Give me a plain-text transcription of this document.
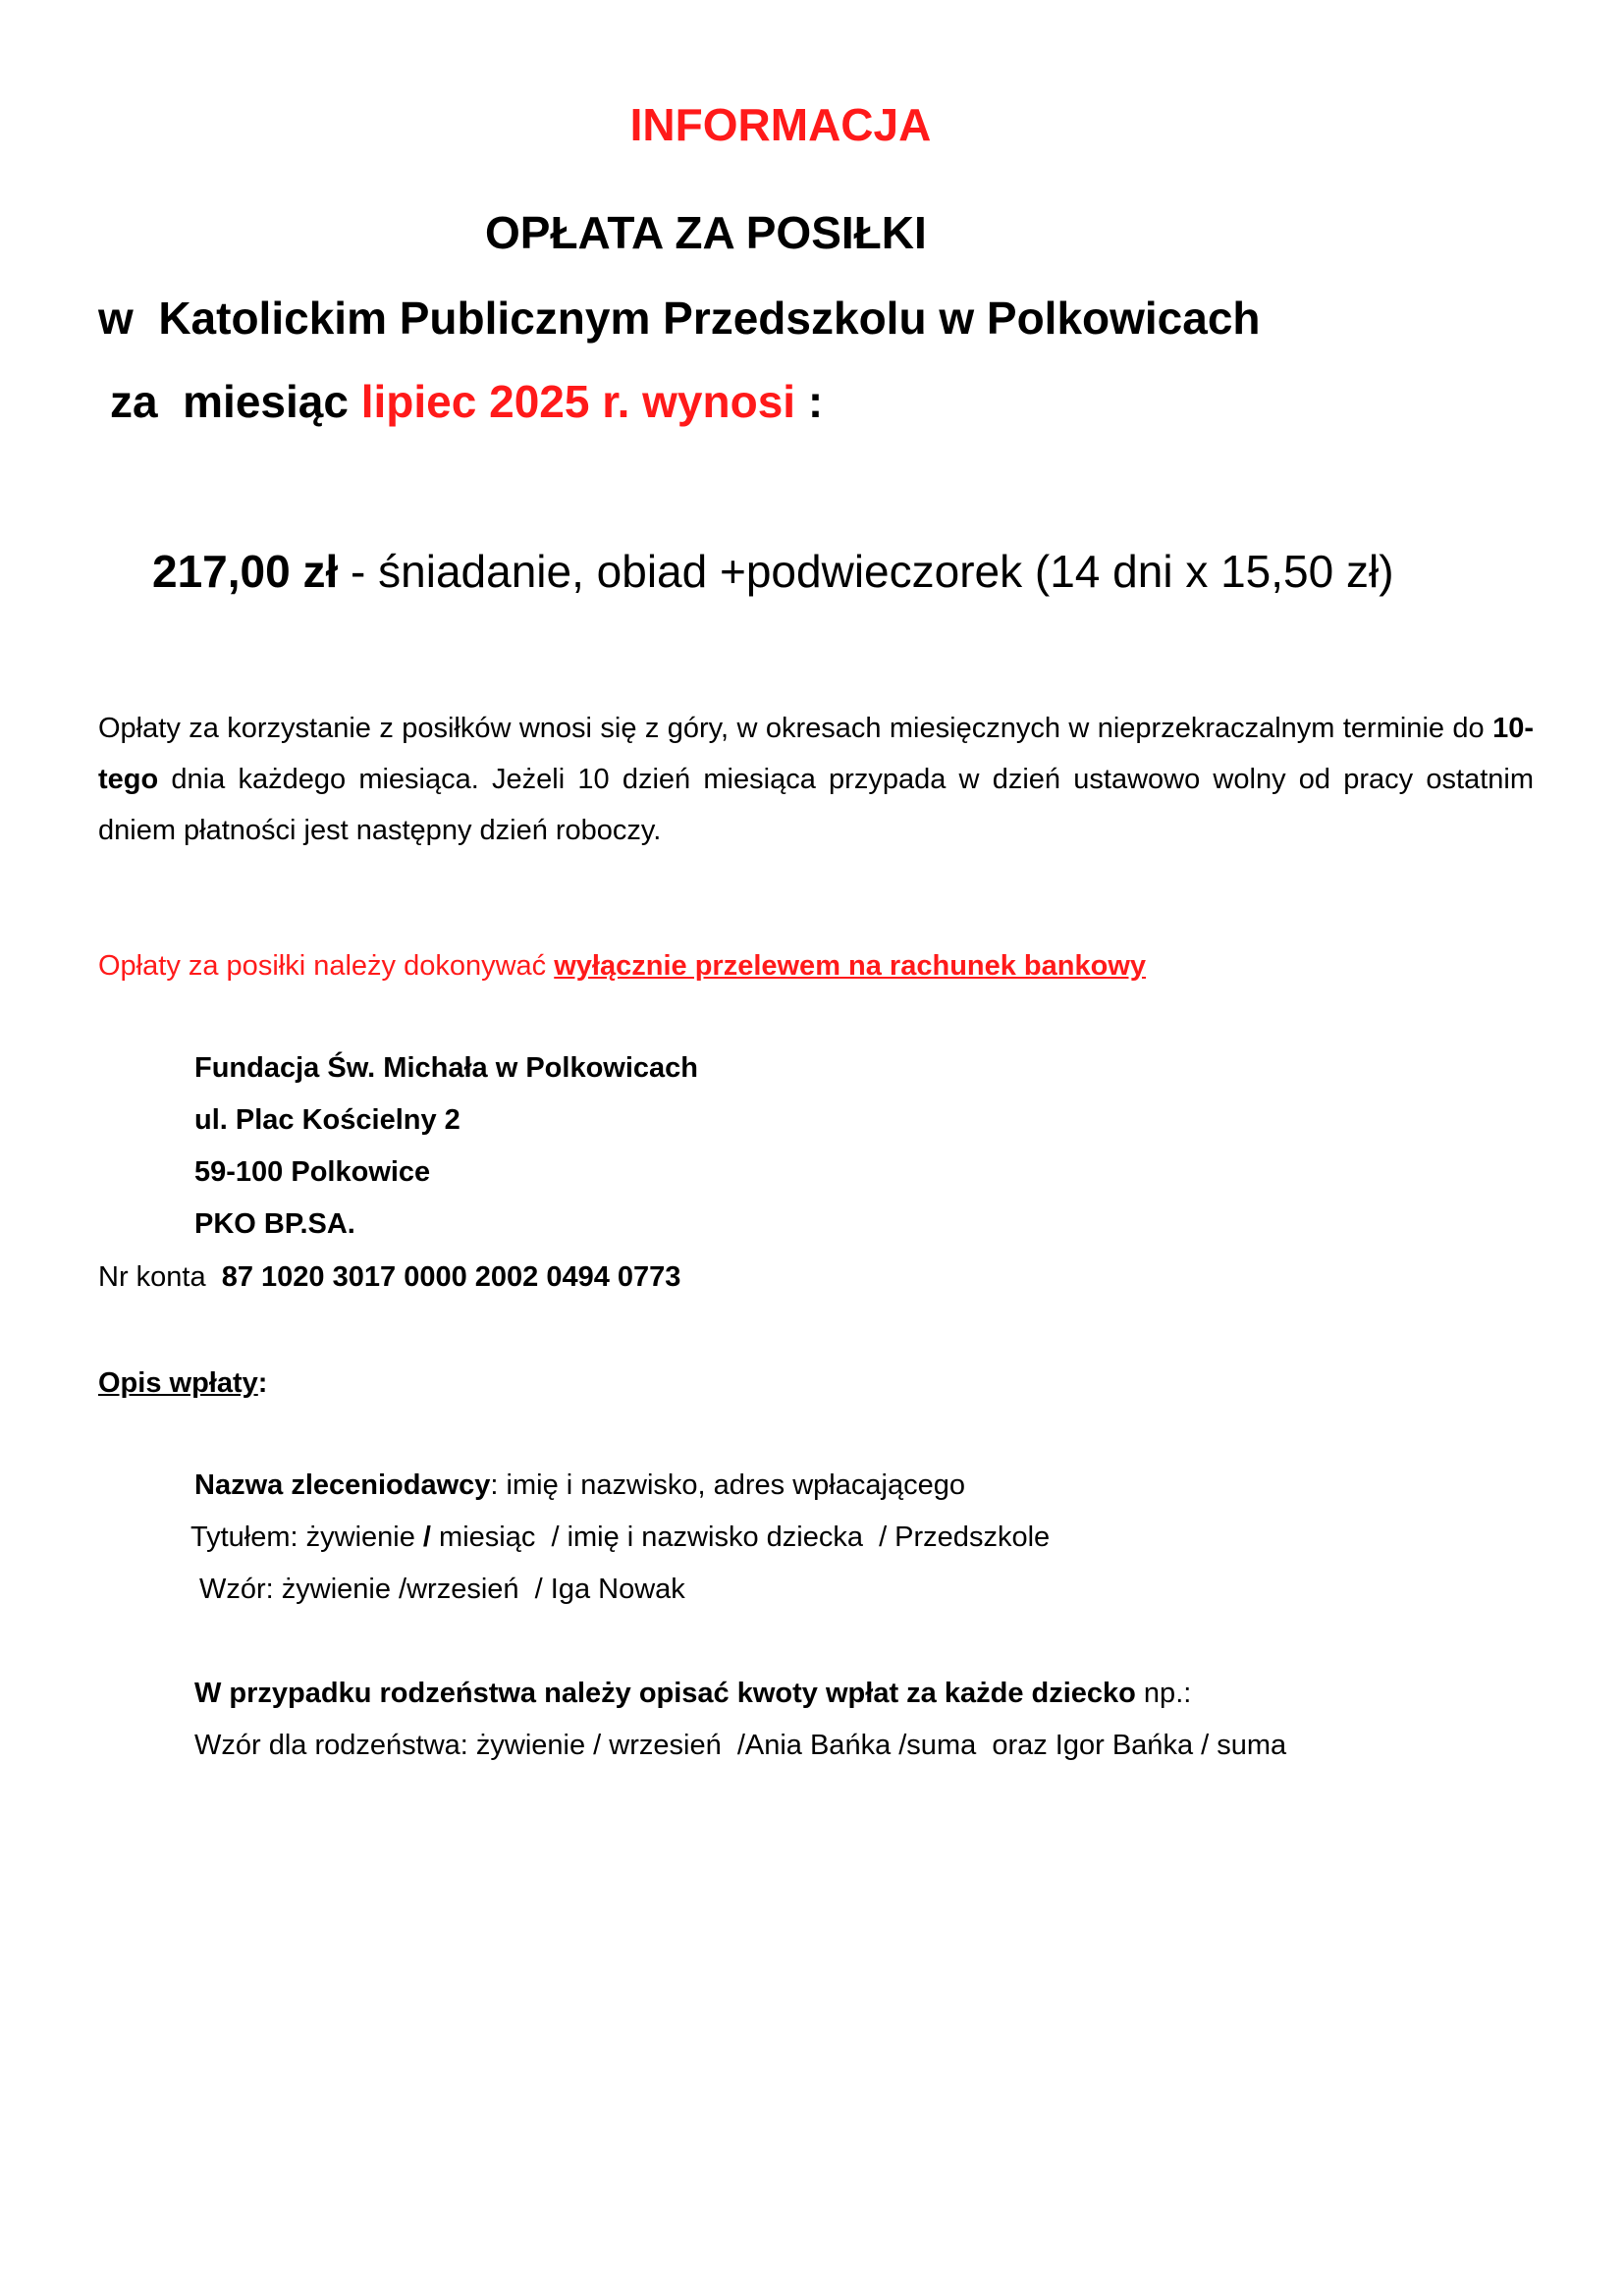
INFORMACJA
OPŁATA ZA POSIŁKI
w  Katolickim Publicznym Przedszkolu w Polkowicach
za  miesiąc lipiec 2025 r. wynosi :
217,00 zł - śniadanie, obiad +podwieczorek (14 dni x 15,50 zł)
Opłaty za korzystanie z posiłków wnosi się z góry, w okresach miesięcznych w nieprzekraczalnym terminie do 10-tego dnia każdego miesiąca. Jeżeli 10 dzień miesiąca przypada w dzień ustawowo wolny od pracy ostatnim dniem płatności jest następny dzień roboczy.
Opłaty za posiłki należy dokonywać wyłącznie przelewem na rachunek bankowy
Fundacja Św. Michała w Polkowicach
ul. Plac Kościelny 2
59-100 Polkowice
PKO BP.SA.
Nr konta 87 1020 3017 0000 2002 0494 0773
Opis wpłaty:
Nazwa zleceniodawcy: imię i nazwisko, adres wpłacającego
Tytułem: żywienie / miesiąc  / imię i nazwisko dziecka  / Przedszkole
Wzór: żywienie /wrzesień  / Iga Nowak
W przypadku rodzeństwa należy opisać kwoty wpłat za każde dziecko np.:
Wzór dla rodzeństwa: żywienie / wrzesień  /Ania Bańka /suma  oraz Igor Bańka / suma
